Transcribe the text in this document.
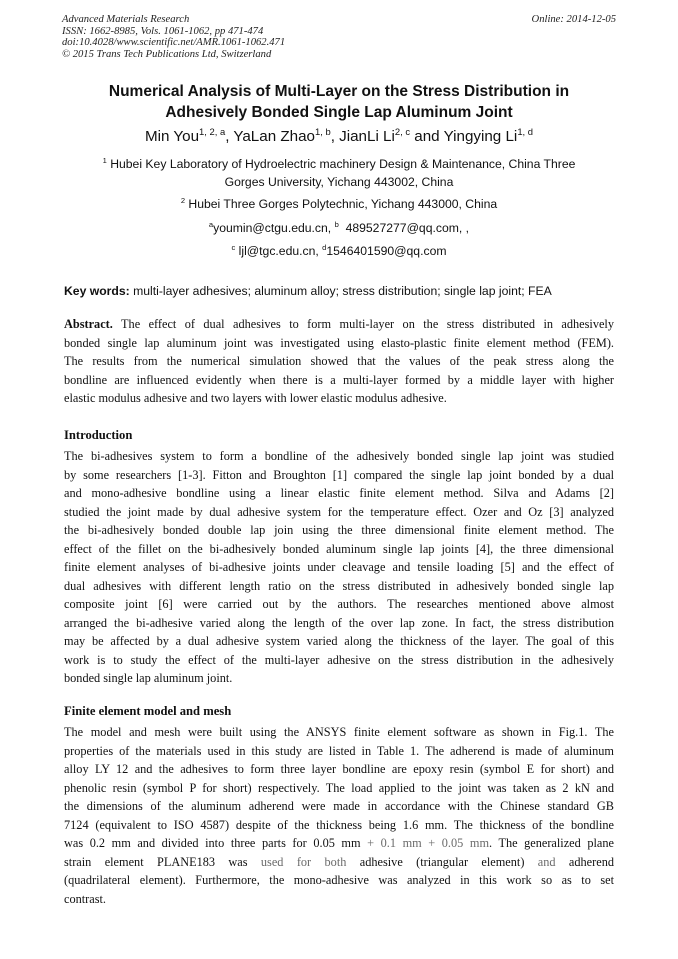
Advanced Materials Research
ISSN: 1662-8985, Vols. 1061-1062, pp 471-474
doi:10.4028/www.scientific.net/AMR.1061-1062.471
© 2015 Trans Tech Publications Ltd, Switzerland
Online: 2014-12-05
Numerical Analysis of Multi-Layer on the Stress Distribution in
Adhesively Bonded Single Lap Aluminum Joint
Min You$^{1, 2, a}$, YaLan Zhao$^{1, b}$, JianLi Li$^{2, c}$ and Yingying Li$^{1, d}$
$^1$ Hubei Key Laboratory of Hydroelectric machinery Design & Maintenance, China Three
Gorges University, Yichang 443002, China
$^2$ Hubei Three Gorges Polytechnic, Yichang 443000, China
$^a$youmin@ctgu.edu.cn, $^b$ 489527277@qq.com, ,
$^c$ ljl@tgc.edu.cn, $^d$1546401590@qq.com
Key words: multi-layer adhesives; aluminum alloy; stress distribution; single lap joint; FEA
Abstract. The effect of dual adhesives to form multi-layer on the stress distributed in adhesively
bonded single lap aluminum joint was investigated using elasto-plastic finite element method (FEM).
The results from the numerical simulation showed that the values of the peak stress along the
bondline are influenced evidently when there is a multi-layer formed by a middle layer with higher
elastic modulus adhesive and two layers with lower elastic modulus adhesive.
Introduction
The bi-adhesives system to form a bondline of the adhesively bonded single lap joint was studied
by some researchers [1-3]. Fitton and Broughton [1] compared the single lap joint bonded by a dual
and mono-adhesive bondline using a linear elastic finite element method. Silva and Adams [2]
studied the joint made by dual adhesive system for the temperature effect. Ozer and Oz [3] analyzed
the bi-adhesively bonded double lap join using the three dimensional finite element method. The
effect of the fillet on the bi-adhesively bonded aluminum single lap joints [4], the three dimensional
finite element analyses of bi-adhesive joints under cleavage and tensile loading [5] and the effect of
dual adhesives with different length ratio on the stress distributed in adhesively bonded single lap
composite joint [6] were carried out by the authors. The researches mentioned above almost
arranged the bi-adhesive varied along the length of the over lap zone. In fact, the stress distribution
may be affected by a dual adhesive system varied along the thickness of the layer. The goal of this
work is to study the effect of the multi-layer adhesive on the stress distribution in the adhesively
bonded single lap aluminum joint.
Finite element model and mesh
The model and mesh were built using the ANSYS finite element software as shown in Fig.1. The
properties of the materials used in this study are listed in Table 1. The adherend is made of aluminum
alloy LY 12 and the adhesives to form three layer bondline are epoxy resin (symbol E for short) and
phenolic resin (symbol P for short) respectively. The load applied to the joint was taken as 2 kN and
the dimensions of the aluminum adherend were made in accordance with the Chinese standard GB
7124 (equivalent to ISO 4587) despite of the thickness being 1.6 mm. The thickness of the bondline
was 0.2 mm and divided into three parts for 0.05 mm + 0.1 mm + 0.05 mm. The generalized plane
strain element PLANE183 was used for both adhesive (triangular element) and adherend
(quadrilateral element). Furthermore, the mono-adhesive was analyzed in this work so as to set
contrast.
